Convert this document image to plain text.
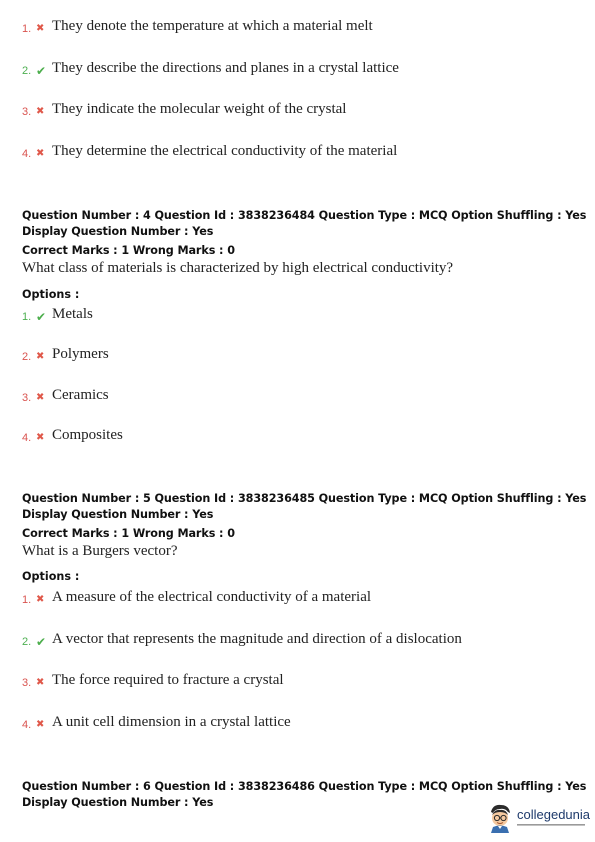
1. ✖ They denote the temperature at which a material melt
2. ✔ They describe the directions and planes in a crystal lattice
3. ✖ They indicate the molecular weight of the crystal
4. ✖ They determine the electrical conductivity of the material
Question Number : 4 Question Id : 3838236484 Question Type : MCQ Option Shuffling : Yes
Display Question Number : Yes
Correct Marks : 1 Wrong Marks : 0
What class of materials is characterized by high electrical conductivity?
Options :
1. ✔ Metals
2. ✖ Polymers
3. ✖ Ceramics
4. ✖ Composites
Question Number : 5 Question Id : 3838236485 Question Type : MCQ Option Shuffling : Yes
Display Question Number : Yes
Correct Marks : 1 Wrong Marks : 0
What is a Burgers vector?
Options :
1. ✖ A measure of the electrical conductivity of a material
2. ✔ A vector that represents the magnitude and direction of a dislocation
3. ✖ The force required to fracture a crystal
4. ✖ A unit cell dimension in a crystal lattice
Question Number : 6 Question Id : 3838236486 Question Type : MCQ Option Shuffling : Yes
Display Question Number : Yes
collegedunia
